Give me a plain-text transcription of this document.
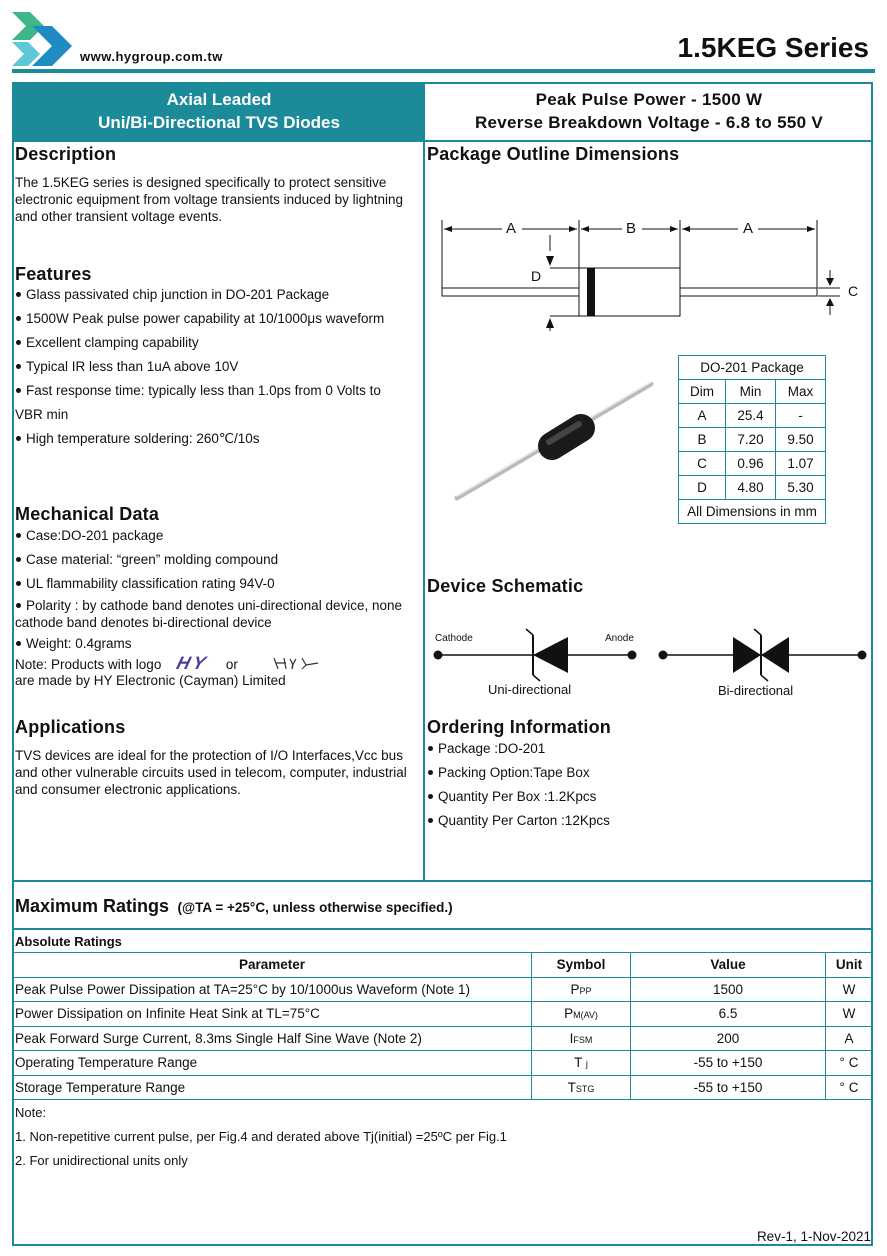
www.hygroup.com.tw	1.5KEG Series
Axial Leaded
Uni/Bi-Directional TVS Diodes
Peak Pulse Power - 1500 W
Reverse Breakdown Voltage - 6.8 to 550 V
Description
The 1.5KEG series is designed specifically to protect sensitive
electronic equipment from voltage transients induced by lightning
and other transient voltage events.
Features
Glass passivated chip junction in DO-201 Package
1500W Peak pulse power capability at 10/1000μs waveform
Excellent clamping capability
Typical IR less than 1uA above 10V
Fast response time: typically less than 1.0ps from 0 Volts to
VBR min
High temperature soldering: 260℃/10s
Mechanical Data
Case:DO-201 package
Case material: “green” molding compound
UL flammability classification rating 94V-0
Polarity : by cathode band denotes uni-directional device, none
cathode band denotes bi-directional device
Weight: 0.4grams
Note: Products with logo HY or
are made by HY Electronic (Cayman) Limited
Applications
TVS devices are ideal for the protection of I/O Interfaces,Vcc bus
and other vulnerable circuits used in telecom, computer, industrial
and consumer electronic applications.
Package Outline Dimensions
A	B	A
D
C
DO-201 Package		
Dim	Min	Max
A	25.4	-
B	7.20	9.50
C	0.96	1.07
D	4.80	5.30
All Dimensions in mm		
Device Schematic
Cathode	Anode
Uni-directional	Bi-directional
Ordering Information
Package :DO-201
Packing Option:Tape Box
Quantity Per Box :1.2Kpcs
Quantity Per Carton :12Kpcs
Maximum Ratings (@TA = +25°C, unless otherwise specified.)
Absolute Ratings
Parameter	Symbol	Value	Unit
Peak Pulse Power Dissipation at TA=25°C by 10/1000us Waveform (Note 1)	PPP	1500	W
Power Dissipation on Infinite Heat Sink at TL=75°C	PM(AV)	6.5	W
Peak Forward Surge Current, 8.3ms Single Half Sine Wave (Note 2)	IFSM	200	A
Operating Temperature Range	T j	-55 to +150	° C
Storage Temperature Range	TSTG	-55 to +150	° C
Note:
1. Non-repetitive current pulse, per Fig.4 and derated above Tj(initial) =25ºC per Fig.1
2. For unidirectional units only
Rev-1, 1-Nov-2021
